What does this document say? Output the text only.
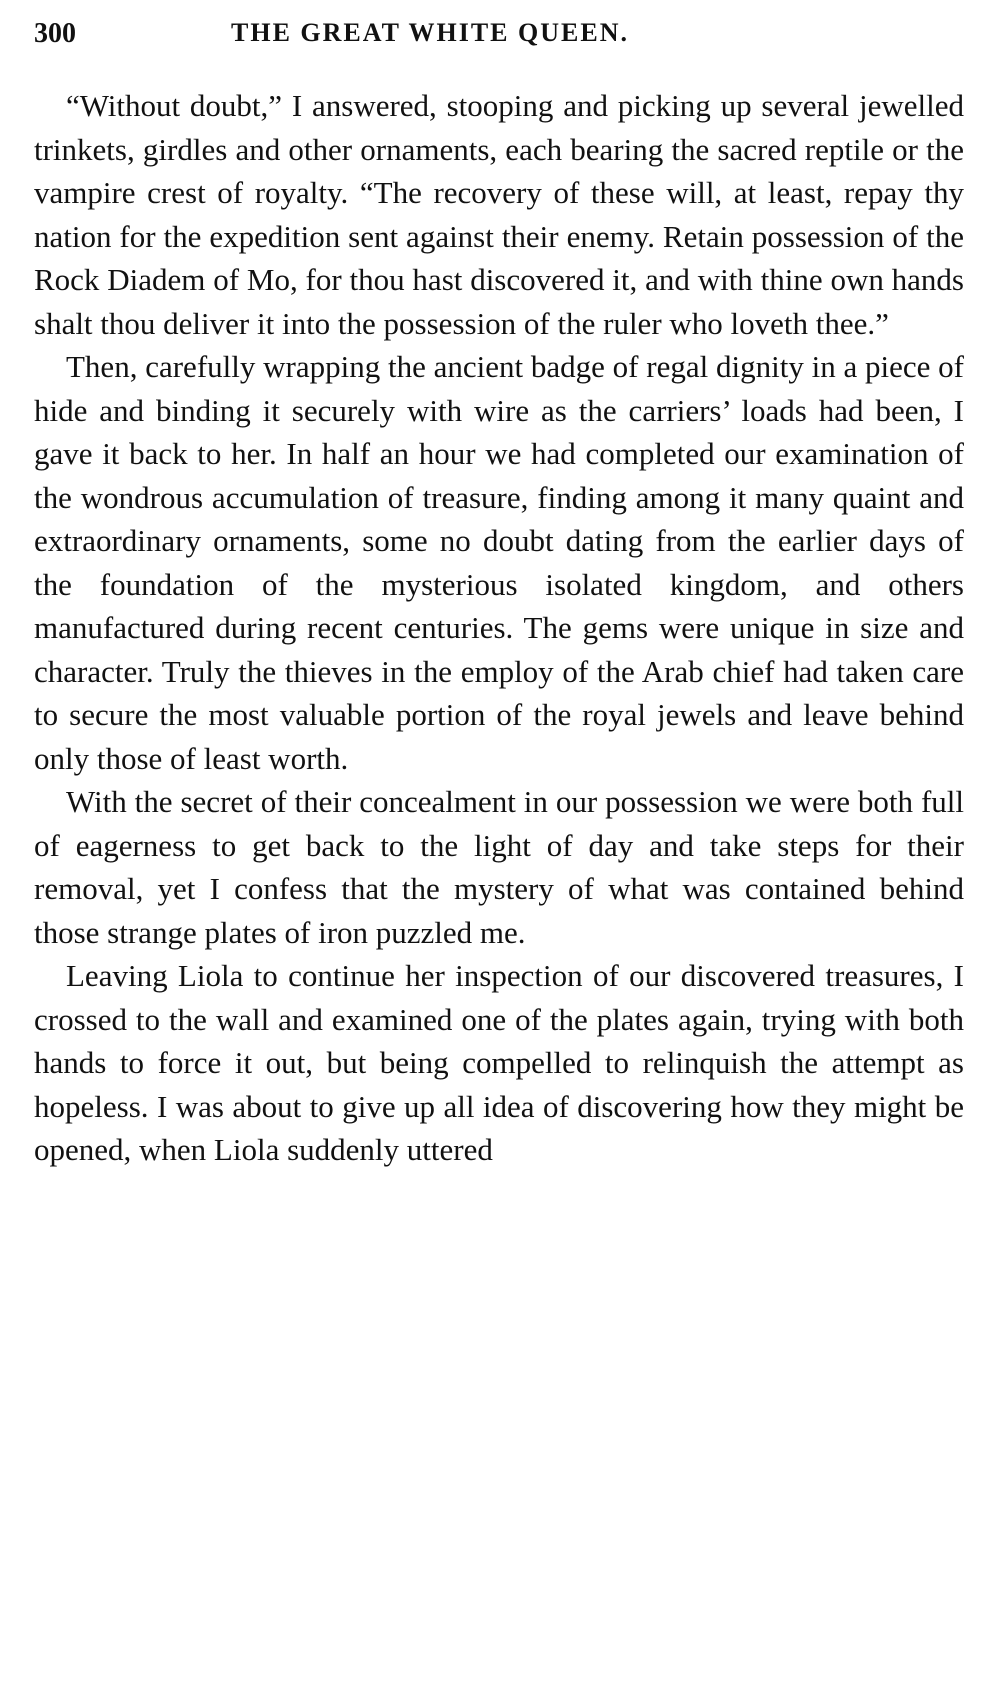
300	THE GREAT WHITE QUEEN.

“Without doubt,” I answered, stooping and picking up several jewelled trinkets, girdles and other ornaments, each bearing the sacred reptile or the vampire crest of royalty. “The recovery of these will, at least, repay thy nation for the expedition sent against their enemy. Retain possession of the Rock Diadem of Mo, for thou hast discovered it, and with thine own hands shalt thou deliver it into the possession of the ruler who loveth thee.”

Then, carefully wrapping the ancient badge of regal dignity in a piece of hide and binding it securely with wire as the carriers’ loads had been, I gave it back to her. In half an hour we had completed our examination of the wondrous accumulation of treasure, finding among it many quaint and extraordinary ornaments, some no doubt dating from the earlier days of the foundation of the mysterious isolated kingdom, and others manufactured during recent centuries. The gems were unique in size and character. Truly the thieves in the employ of the Arab chief had taken care to secure the most valuable portion of the royal jewels and leave behind only those of least worth.

With the secret of their concealment in our possession we were both full of eagerness to get back to the light of day and take steps for their removal, yet I confess that the mystery of what was contained behind those strange plates of iron puzzled me.

Leaving Liola to continue her inspection of our discovered treasures, I crossed to the wall and examined one of the plates again, trying with both hands to force it out, but being compelled to relinquish the attempt as hopeless. I was about to give up all idea of discovering how they might be opened, when Liola suddenly uttered
